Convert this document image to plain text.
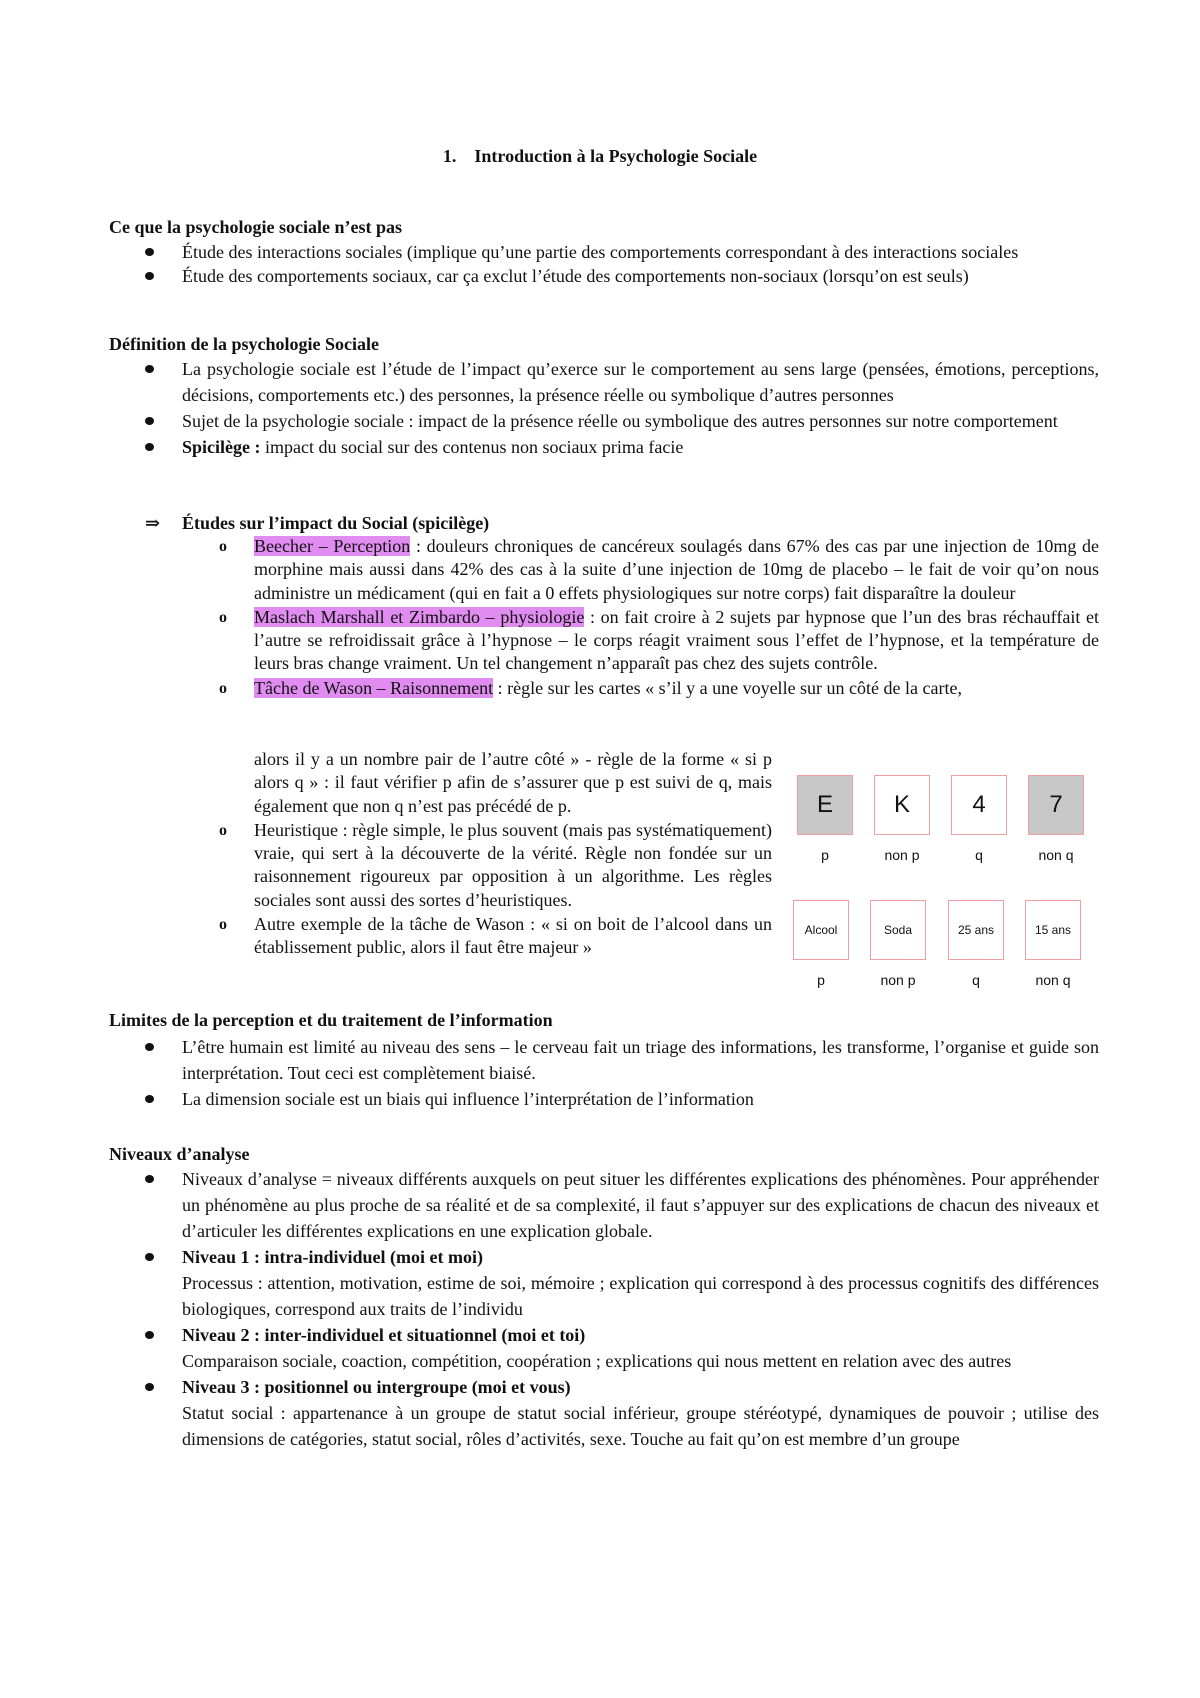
1. Introduction à la Psychologie Sociale
Ce que la psychologie sociale n’est pas
Étude des interactions sociales (implique qu’une partie des comportements correspondant à des interactions sociales
Étude des comportements sociaux, car ça exclut l’étude des comportements non-sociaux (lorsqu’on est seuls)
Définition de la psychologie Sociale
La psychologie sociale est l’étude de l’impact qu’exerce sur le comportement au sens large (pensées, émotions, perceptions, décisions, comportements etc.) des personnes, la présence réelle ou symbolique d’autres personnes
Sujet de la psychologie sociale : impact de la présence réelle ou symbolique des autres personnes sur notre comportement
Spicilège : impact du social sur des contenus non sociaux prima facie
⇒ Études sur l’impact du Social (spicilège)
o Beecher – Perception : douleurs chroniques de cancéreux soulagés dans 67% des cas par une injection de 10mg de morphine mais aussi dans 42% des cas à la suite d’une injection de 10mg de placebo – le fait de voir qu’on nous administre un médicament (qui en fait a 0 effets physiologiques sur notre corps) fait disparaître la douleur
o Maslach Marshall et Zimbardo – physiologie : on fait croire à 2 sujets par hypnose que l’un des bras réchauffait et l’autre se refroidissait grâce à l’hypnose – le corps réagit vraiment sous l’effet de l’hypnose, et la température de leurs bras change vraiment. Un tel changement n’apparaît pas chez des sujets contrôle.
o Tâche de Wason – Raisonnement : règle sur les cartes « s’il y a une voyelle sur un côté de la carte,
alors il y a un nombre pair de l’autre côté » - règle de la forme « si p alors q » : il faut vérifier p afin de s’assurer que p est suivi de q, mais également que non q n’est pas précédé de p.
o Heuristique : règle simple, le plus souvent (mais pas systématiquement) vraie, qui sert à la découverte de la vérité. Règle non fondée sur un raisonnement rigoureux par opposition à un algorithme. Les règles sociales sont aussi des sortes d’heuristiques.
o Autre exemple de la tâche de Wason : « si on boit de l’alcool dans un établissement public, alors il faut être majeur »
E	K	4	7
p	non p	q	non q
Alcool	Soda	25 ans	15 ans
p	non p	q	non q
Limites de la perception et du traitement de l’information
L’être humain est limité au niveau des sens – le cerveau fait un triage des informations, les transforme, l’organise et guide son interprétation. Tout ceci est complètement biaisé.
La dimension sociale est un biais qui influence l’interprétation de l’information
Niveaux d’analyse
Niveaux d’analyse = niveaux différents auxquels on peut situer les différentes explications des phénomènes. Pour appréhender un phénomène au plus proche de sa réalité et de sa complexité, il faut s’appuyer sur des explications de chacun des niveaux et d’articuler les différentes explications en une explication globale.
Niveau 1 : intra-individuel (moi et moi)
Processus : attention, motivation, estime de soi, mémoire ; explication qui correspond à des processus cognitifs des différences biologiques, correspond aux traits de l’individu
Niveau 2 : inter-individuel et situationnel (moi et toi)
Comparaison sociale, coaction, compétition, coopération ; explications qui nous mettent en relation avec des autres
Niveau 3 : positionnel ou intergroupe (moi et vous)
Statut social : appartenance à un groupe de statut social inférieur, groupe stéréotypé, dynamiques de pouvoir ; utilise des dimensions de catégories, statut social, rôles d’activités, sexe. Touche au fait qu’on est membre d’un groupe
